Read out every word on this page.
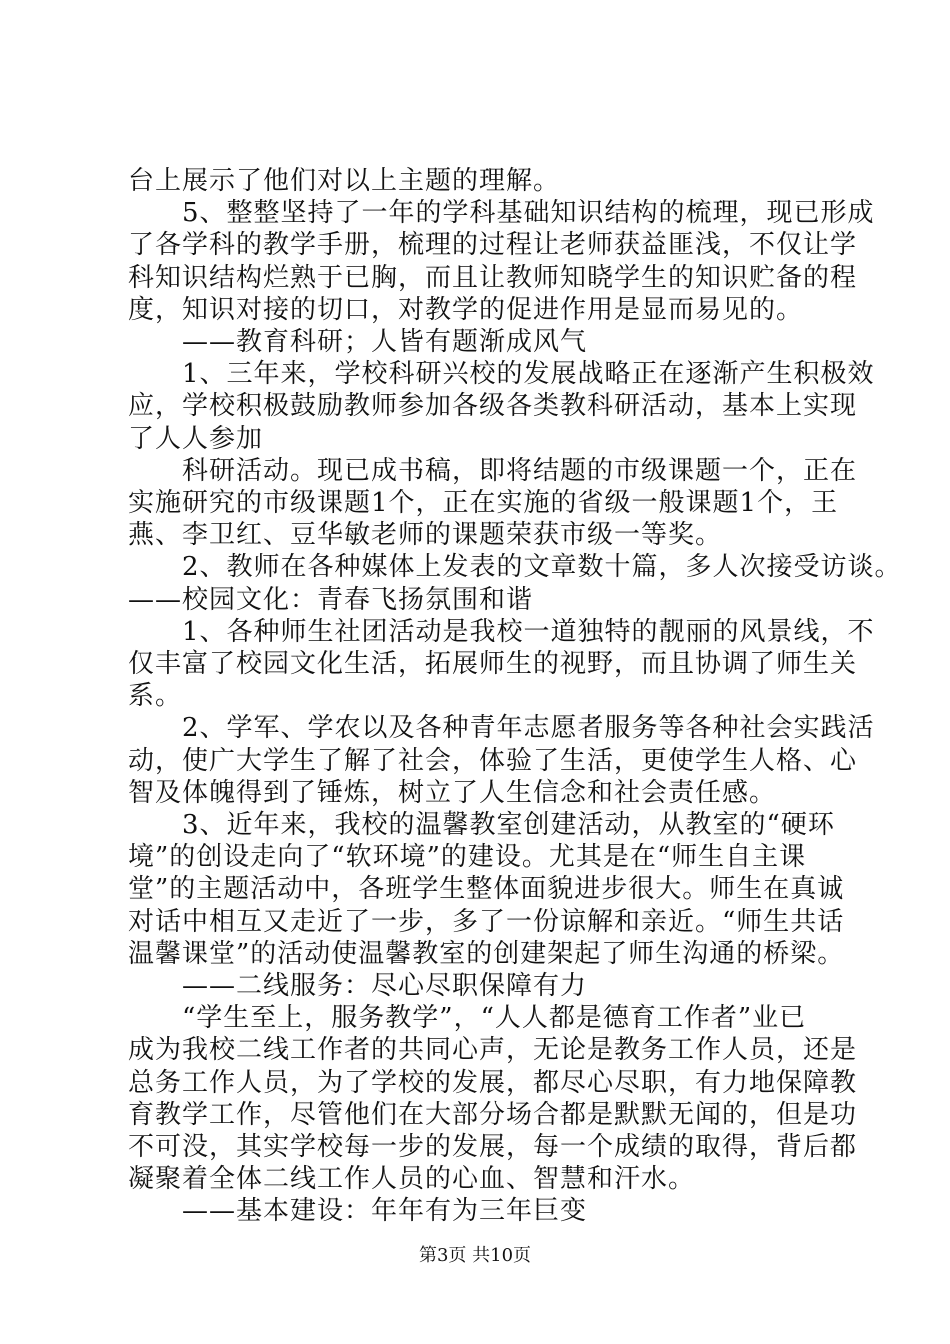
台上展示了他们对以上主题的理解。
　　5、整整坚持了一年的学科基础知识结构的梳理，现已形成
了各学科的教学手册，梳理的过程让老师获益匪浅，不仅让学
科知识结构烂熟于已胸，而且让教师知晓学生的知识贮备的程
度，知识对接的切口，对教学的促进作用是显而易见的。
　　——教育科研；人皆有题渐成风气
　　1、三年来，学校科研兴校的发展战略正在逐渐产生积极效
应，学校积极鼓励教师参加各级各类教科研活动，基本上实现
了人人参加
　　科研活动。现已成书稿，即将结题的市级课题一个，正在
实施研究的市级课题1个，正在实施的省级一般课题1个，王
燕、李卫红、豆华敏老师的课题荣获市级一等奖。
　　2、教师在各种媒体上发表的文章数十篇，多人次接受访谈。
——校园文化：青春飞扬氛围和谐
　　1、各种师生社团活动是我校一道独特的靓丽的风景线，不
仅丰富了校园文化生活，拓展师生的视野，而且协调了师生关
系。
　　2、学军、学农以及各种青年志愿者服务等各种社会实践活
动，使广大学生了解了社会，体验了生活，更使学生人格、心
智及体魄得到了锤炼，树立了人生信念和社会责任感。
　　3、近年来，我校的温馨教室创建活动，从教室的“硬环
境”的创设走向了“软环境”的建设。尤其是在“师生自主课
堂”的主题活动中，各班学生整体面貌进步很大。师生在真诚
对话中相互又走近了一步，多了一份谅解和亲近。“师生共话
温馨课堂”的活动使温馨教室的创建架起了师生沟通的桥梁。
　　——二线服务：尽心尽职保障有力
　　“学生至上，服务教学”，“人人都是德育工作者”业已
成为我校二线工作者的共同心声，无论是教务工作人员，还是
总务工作人员，为了学校的发展，都尽心尽职，有力地保障教
育教学工作，尽管他们在大部分场合都是默默无闻的，但是功
不可没，其实学校每一步的发展，每一个成绩的取得，背后都
凝聚着全体二线工作人员的心血、智慧和汗水。
　　——基本建设：年年有为三年巨变
第3页 共10页
